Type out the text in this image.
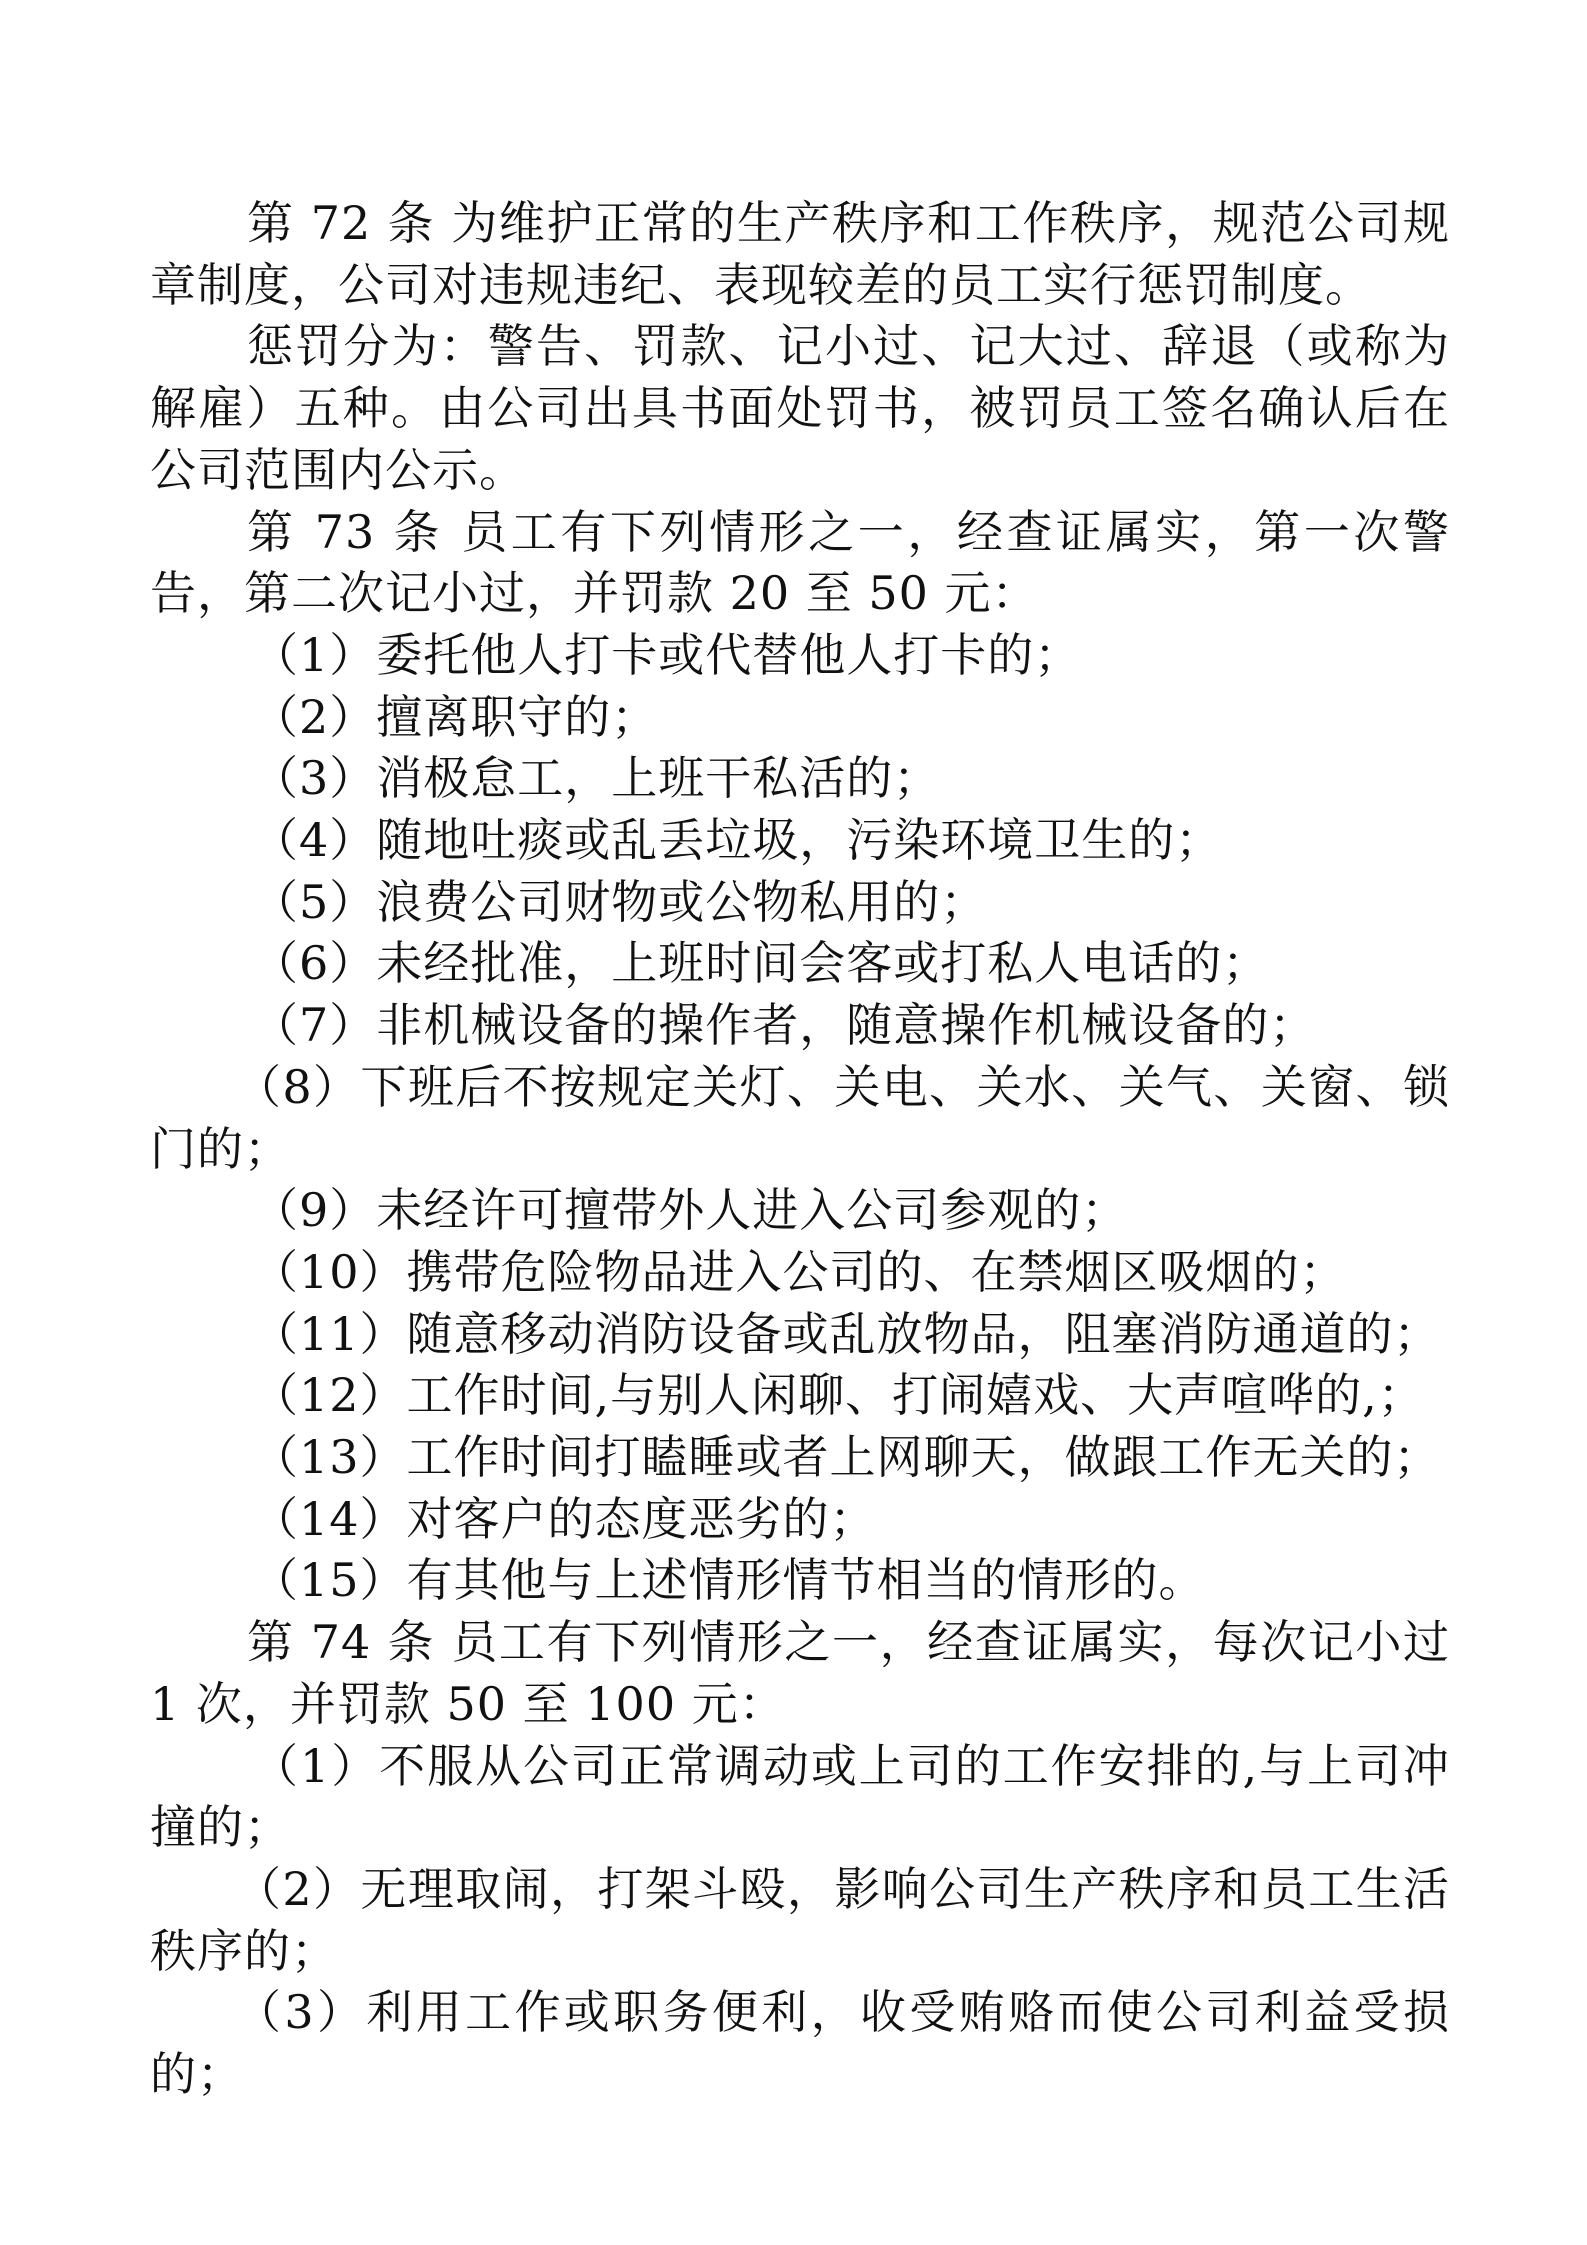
第 72 条 为维护正常的生产秩序和工作秩序，规范公司规章制度，公司对违规违纪、表现较差的员工实行惩罚制度。

惩罚分为：警告、罚款、记小过、记大过、辞退（或称为解雇）五种。由公司出具书面处罚书，被罚员工签名确认后在公司范围内公示。

第 73 条 员工有下列情形之一，经查证属实，第一次警告，第二次记小过，并罚款 20 至 50 元：

（1）委托他人打卡或代替他人打卡的；

（2）擅离职守的；

（3）消极怠工，上班干私活的；

（4）随地吐痰或乱丢垃圾，污染环境卫生的；

（5）浪费公司财物或公物私用的；

（6）未经批准，上班时间会客或打私人电话的；

（7）非机械设备的操作者，随意操作机械设备的；

（8）下班后不按规定关灯、关电、关水、关气、关窗、锁门的；

（9）未经许可擅带外人进入公司参观的；

（10）携带危险物品进入公司的、在禁烟区吸烟的；

（11）随意移动消防设备或乱放物品，阻塞消防通道的；

（12）工作时间,与别人闲聊、打闹嬉戏、大声喧哗的,；

（13）工作时间打瞌睡或者上网聊天，做跟工作无关的；

（14）对客户的态度恶劣的；

（15）有其他与上述情形情节相当的情形的。

第 74 条 员工有下列情形之一，经查证属实，每次记小过 1 次，并罚款 50 至 100 元：

（1）不服从公司正常调动或上司的工作安排的,与上司冲撞的；

（2）无理取闹，打架斗殴，影响公司生产秩序和员工生活秩序的；

（3）利用工作或职务便利，收受贿赂而使公司利益受损的；
